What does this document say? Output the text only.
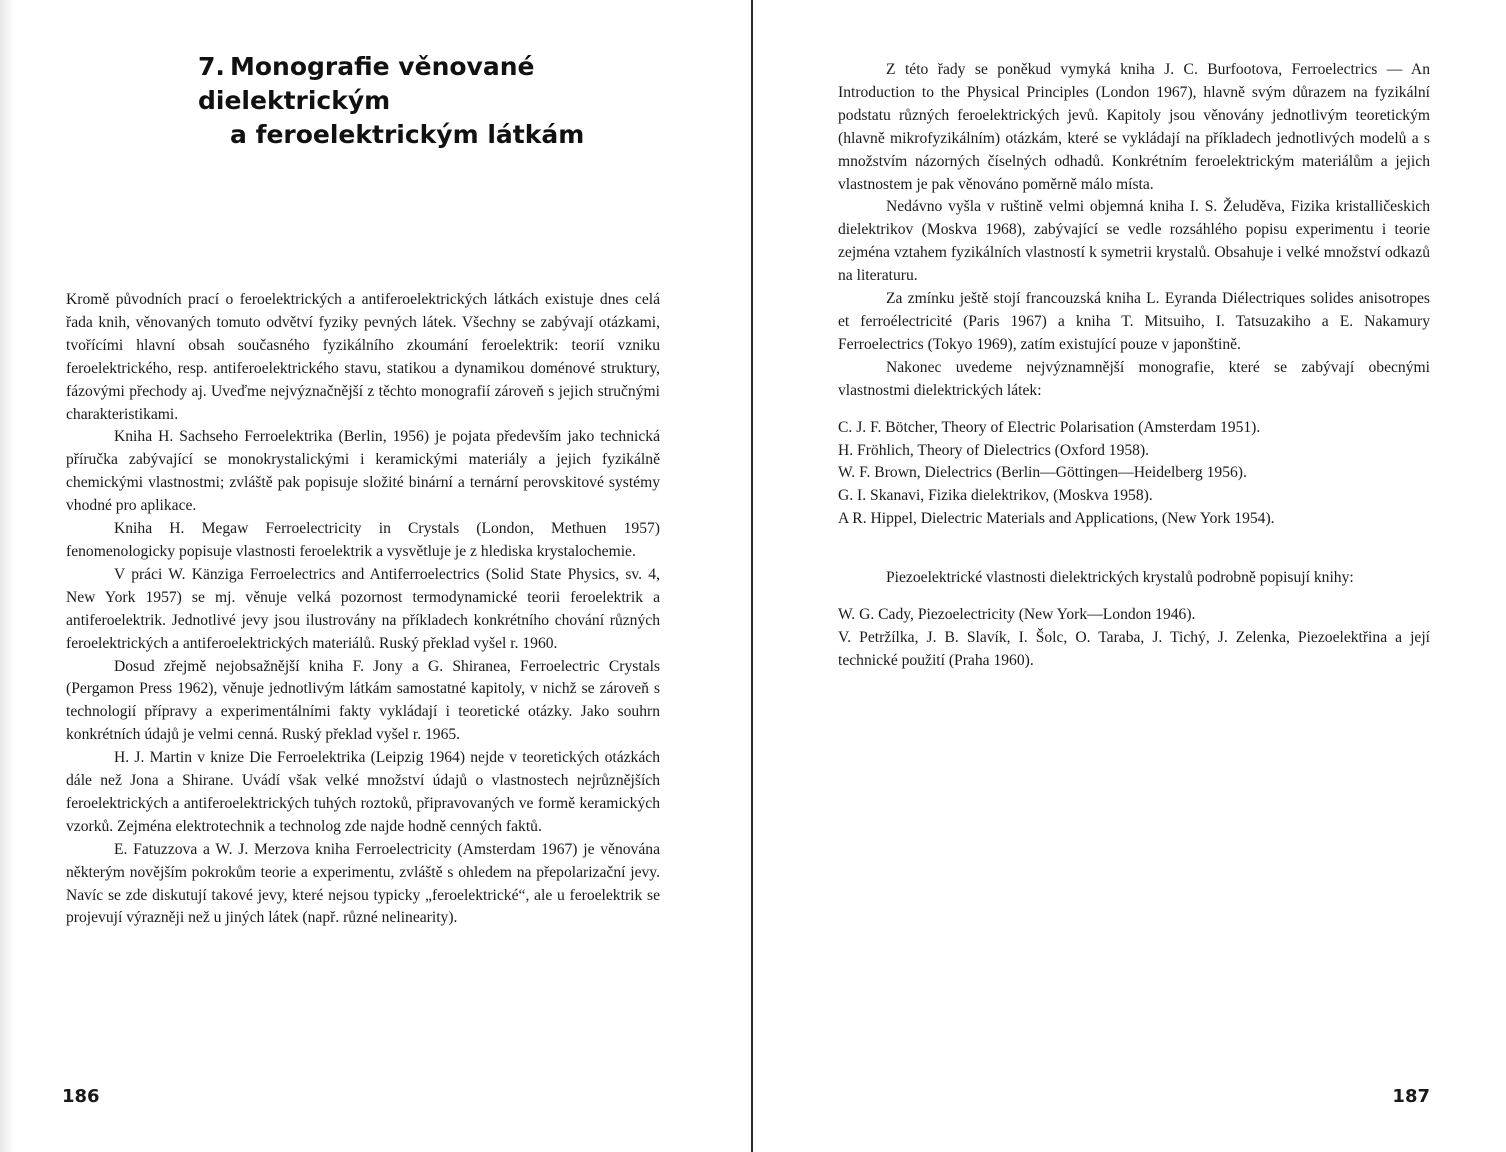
7. Monografie věnované dielektrickým
a feroelektrickým látkám

Kromě původních prací o feroelektrických a antiferoelektrických látkách existuje dnes celá řada knih, věnovaných tomuto odvětví fyziky pevných látek. Všechny se zabývají otázkami, tvořícími hlavní obsah současného fyzikálního zkoumání feroelektrik: teorií vzniku feroelektrického, resp. antiferoelektrického stavu, statikou a dynamikou doménové struktury, fázovými přechody aj. Uveďme nejvýznačnější z těchto monografií zároveň s jejich stručnými charakteristikami.

Kniha H. Sachseho Ferroelektrika (Berlin, 1956) je pojata především jako technická příručka zabývající se monokrystalickými i keramickými materiály a jejich fyzikálně chemickými vlastnostmi; zvláště pak popisuje složité binární a ternární perovskitové systémy vhodné pro aplikace.

Kniha H. Megaw Ferroelectricity in Crystals (London, Methuen 1957) fenomenologicky popisuje vlastnosti feroelektrik a vysvětluje je z hlediska krystalochemie.

V práci W. Känziga Ferroelectrics and Antiferroelectrics (Solid State Physics, sv. 4, New York 1957) se mj. věnuje velká pozornost termodynamické teorii feroelektrik a antiferoelektrik. Jednotlivé jevy jsou ilustrovány na příkladech konkrétního chování různých feroelektrických a antiferoelektrických materiálů. Ruský překlad vyšel r. 1960.

Dosud zřejmě nejobsažnější kniha F. Jony a G. Shiranea, Ferroelectric Crystals (Pergamon Press 1962), věnuje jednotlivým látkám samostatné kapitoly, v nichž se zároveň s technologií přípravy a experimentálními fakty vykládají i teoretické otázky. Jako souhrn konkrétních údajů je velmi cenná. Ruský překlad vyšel r. 1965.

H. J. Martin v knize Die Ferroelektrika (Leipzig 1964) nejde v teoretických otázkách dále než Jona a Shirane. Uvádí však velké množství údajů o vlastnostech nejrůznějších feroelektrických a antiferoelektrických tuhých roztoků, připravovaných ve formě keramických vzorků. Zejména elektrotechnik a technolog zde najde hodně cenných faktů.

E. Fatuzzova a W. J. Merzova kniha Ferroelectricity (Amsterdam 1967) je věnována některým novějším pokrokům teorie a experimentu, zvláště s ohledem na přepolarizační jevy. Navíc se zde diskutují takové jevy, které nejsou typicky „feroelektrické“, ale u feroelektrik se projevují výrazněji než u jiných látek (např. různé nelinearity).

186

Z této řady se poněkud vymyká kniha J. C. Burfootova, Ferroelectrics — An Introduction to the Physical Principles (London 1967), hlavně svým důrazem na fyzikální podstatu různých feroelektrických jevů. Kapitoly jsou věnovány jednotlivým teoretickým (hlavně mikrofyzikálním) otázkám, které se vykládají na příkladech jednotlivých modelů a s množstvím názorných číselných odhadů. Konkrétním feroelektrickým materiálům a jejich vlastnostem je pak věnováno poměrně málo místa.

Nedávno vyšla v ruštině velmi objemná kniha I. S. Želuděva, Fizika kristalličeskich dielektrikov (Moskva 1968), zabývající se vedle rozsáhlého popisu experimentu i teorie zejména vztahem fyzikálních vlastností k symetrii krystalů. Obsahuje i velké množství odkazů na literaturu.

Za zmínku ještě stojí francouzská kniha L. Eyranda Diélectriques solides anisotropes et ferroélectricité (Paris 1967) a kniha T. Mitsuiho, I. Tatsuzakiho a E. Nakamury Ferroelectrics (Tokyo 1969), zatím existující pouze v japonštině.

Nakonec uvedeme nejvýznamnější monografie, které se zabývají obecnými vlastnostmi dielektrických látek:

C. J. F. Bötcher, Theory of Electric Polarisation (Amsterdam 1951).
H. Fröhlich, Theory of Dielectrics (Oxford 1958).
W. F. Brown, Dielectrics (Berlin—Göttingen—Heidelberg 1956).
G. I. Skanavi, Fizika dielektrikov, (Moskva 1958).
A R. Hippel, Dielectric Materials and Applications, (New York 1954).

Piezoelektrické vlastnosti dielektrických krystalů podrobně popisují knihy:

W. G. Cady, Piezoelectricity (New York—London 1946).
V. Petržílka, J. B. Slavík, I. Šolc, O. Taraba, J. Tichý, J. Zelenka, Piezoelektřina a její technické použití (Praha 1960).
187
